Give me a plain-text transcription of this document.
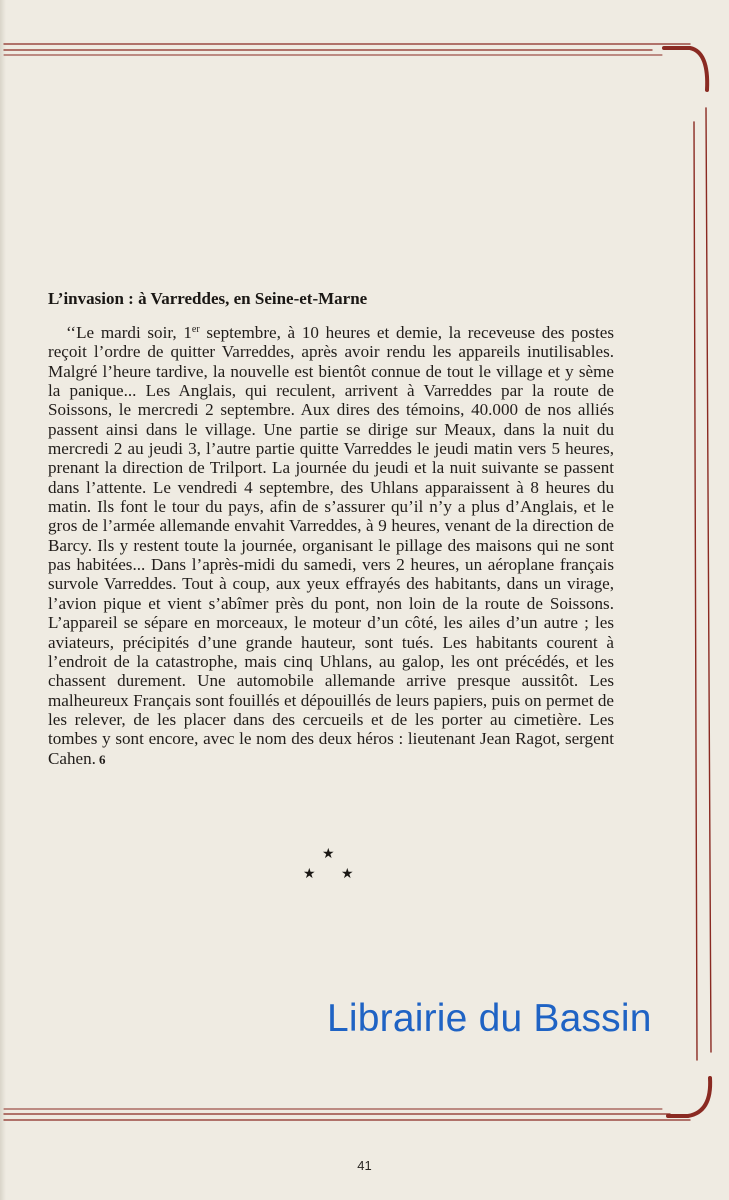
L’invasion : à Varreddes, en Seine-et-Marne

‘‘Le mardi soir, 1er septembre, à 10 heures et demie, la receveuse des postes reçoit l’ordre de quitter Varreddes, après avoir rendu les appareils inutilisables. Malgré l’heure tardive, la nouvelle est bientôt connue de tout le village et y sème la panique... Les Anglais, qui reculent, arrivent à Varreddes par la route de Soissons, le mercredi 2 septembre. Aux dires des témoins, 40.000 de nos alliés passent ainsi dans le village. Une partie se dirige sur Meaux, dans la nuit du mercredi 2 au jeudi 3, l’autre partie quitte Varreddes le jeudi matin vers 5 heures, prenant la direction de Trilport. La journée du jeudi et la nuit suivante se passent dans l’attente. Le vendredi 4 septembre, des Uhlans apparaissent à 8 heures du matin. Ils font le tour du pays, afin de s’assurer qu’il n’y a plus d’Anglais, et le gros de l’armée allemande envahit Varreddes, à 9 heures, venant de la direction de Barcy. Ils y restent toute la journée, organisant le pillage des maisons qui ne sont pas habitées... Dans l’après-midi du samedi, vers 2 heures, un aéroplane français survole Varreddes. Tout à coup, aux yeux effrayés des habitants, dans un virage, l’avion pique et vient s’abîmer près du pont, non loin de la route de Soissons. L’appareil se sépare en morceaux, le moteur d’un côté, les ailes d’un autre ; les aviateurs, précipités d’une grande hauteur, sont tués. Les habitants courent à l’endroit de la catastrophe, mais cinq Uhlans, au galop, les ont précédés, et les chassent durement. Une automobile allemande arrive presque aussitôt. Les malheureux Français sont fouillés et dépouillés de leurs papiers, puis on permet de les relever, de les placer dans des cercueils et de les porter au cimetière. Les tombes y sont encore, avec le nom des deux héros : lieutenant Jean Ragot, sergent Cahen. 6

★
★ ★
Librairie du Bassin
41
